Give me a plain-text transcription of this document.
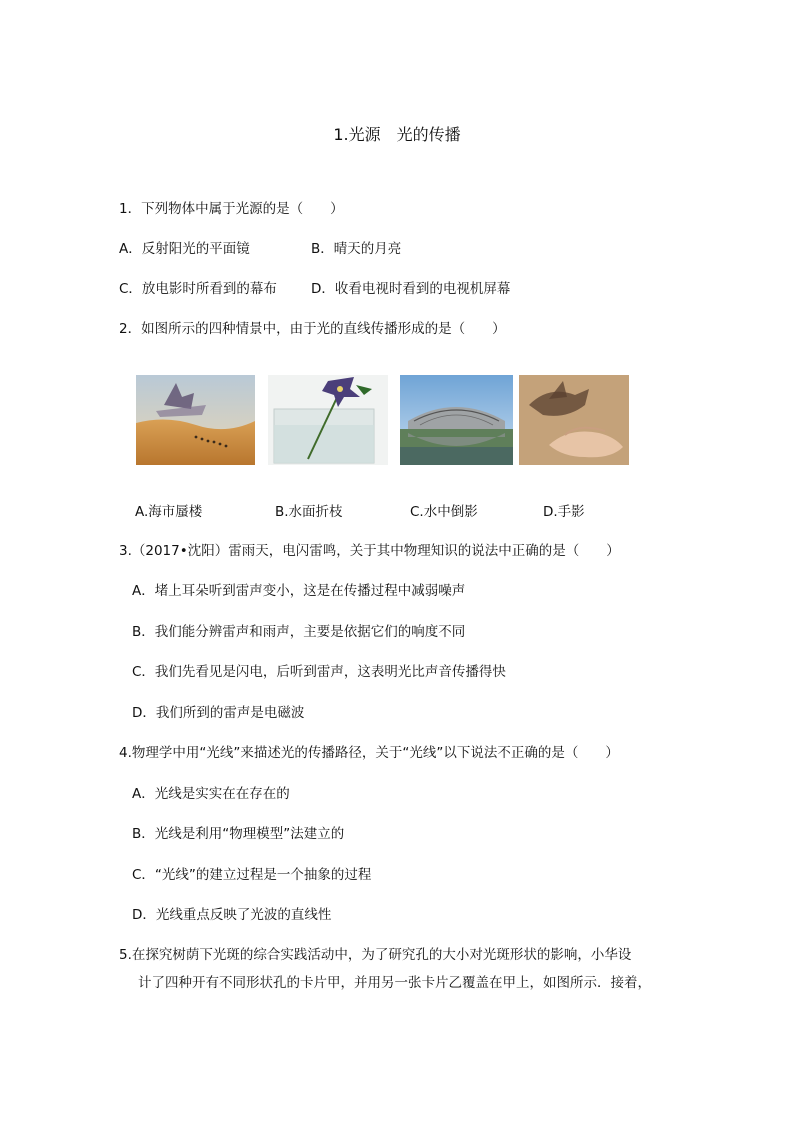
1.光源　光的传播
1．下列物体中属于光源的是（　　）
A．反射阳光的平面镜	B．晴天的月亮
C．放电影时所看到的幕布	D．收看电视时看到的电视机屏幕
2．如图所示的四种情景中，由于光的直线传播形成的是（　　）
A.海市蜃楼	B.水面折枝	C.水中倒影	D.手影
3.（2017•沈阳）雷雨天，电闪雷鸣，关于其中物理知识的说法中正确的是（　　）
A．堵上耳朵听到雷声变小，这是在传播过程中减弱噪声
B．我们能分辨雷声和雨声，主要是依据它们的响度不同
C．我们先看见是闪电，后听到雷声，这表明光比声音传播得快
D．我们所到的雷声是电磁波
4.物理学中用“光线”来描述光的传播路径，关于“光线”以下说法不正确的是（　　）
A．光线是实实在在存在的
B．光线是利用“物理模型”法建立的
C．“光线”的建立过程是一个抽象的过程
D．光线重点反映了光波的直线性
5.在探究树荫下光斑的综合实践活动中，为了研究孔的大小对光斑形状的影响，小华设
计了四种开有不同形状孔的卡片甲，并用另一张卡片乙覆盖在甲上，如图所示．接着，
